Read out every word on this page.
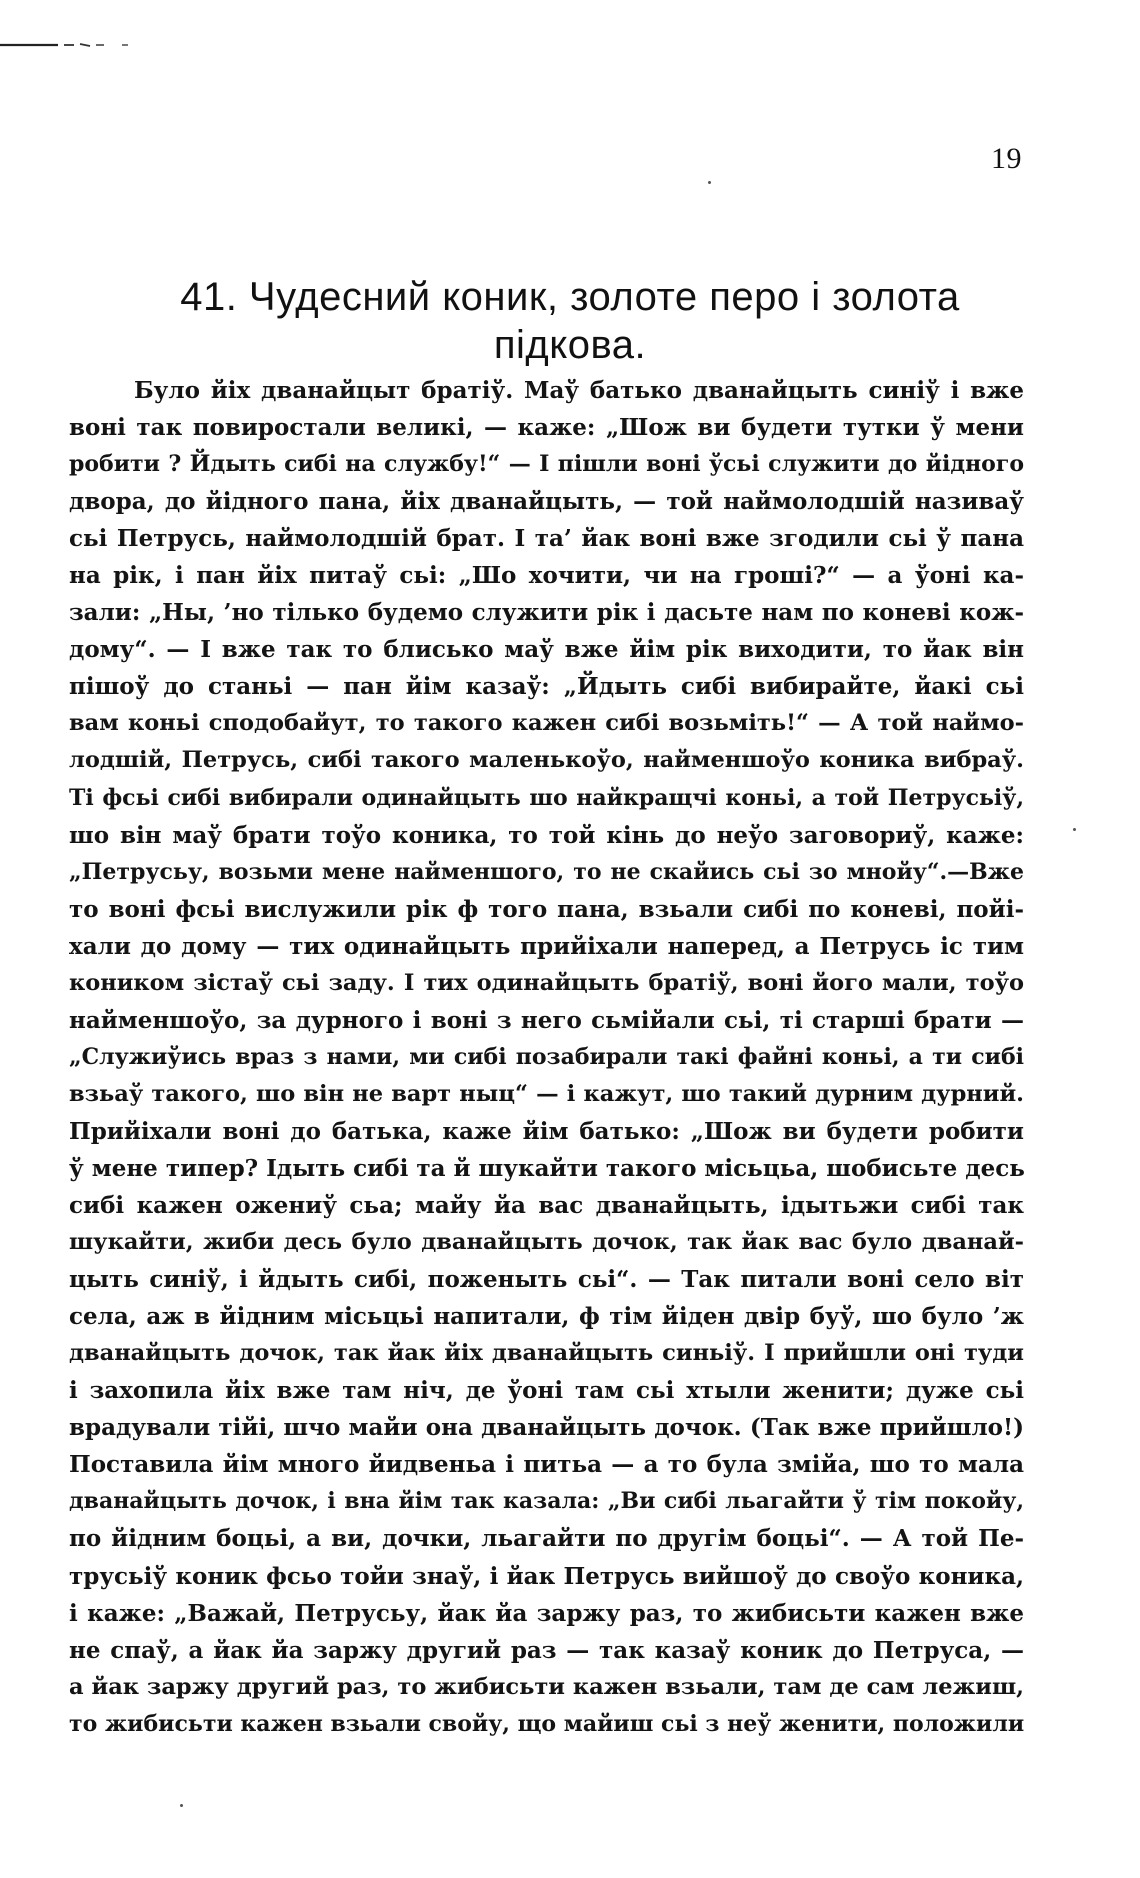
19
41. Чудесний коник, золоте перо і золота
підкова.
Було йіх дванайцыт братіў. Маў батько дванайцыть синіў і вже
воні так повиростали великі, — каже: „Шож ви будети тутки ў мени
робити ? Йдыть сибі на службу!“ — І пішли воні ўсьі служити до йідного
двора, до йідного пана, йіх дванайцыть, — той наймолодшій називаў
сьі Петрусь, наймолодшій брат. І та’ йак воні вже згодили сьі ў пана
на рік, і пан йіх питаў сьі: „Шо хочити, чи на гроші?“ — а ўоні ка-
зали: „Ны, ’но тілько будемо служити рік і дасьте нам по коневі кож-
дому“. — І вже так то блисько маў вже йім рік виходити, то йак він
пішоў до станьі — пан йім казаў: „Йдыть сибі вибирайте, йакі сьі
вам коньі сподобайут, то такого кажен сибі возьміть!“ — А той наймо-
лодшій, Петрусь, сибі такого маленькоўо, найменшоўо коника вибраў.
Ті фсьі сибі вибирали одинайцыть шо найкращчі коньі, а той Петрусьіў,
шо він маў брати тоўо коника, то той кінь до неўо заговориў, каже:
„Петрусьу, возьми мене найменшого, то не скайись сьі зо мнойу“.—Вже
то воні фсьі вислужили рік ф того пана, взьали сибі по коневі, пойі-
хали до дому — тих одинайцыть прийіхали наперед, а Петрусь іс тим
коником зістаў сьі заду. І тих одинайцыть братіў, воні його мали, тоўо
найменшоўо, за дурного і воні з него сьмійали сьі, ті старші брати —
„Служиўись враз з нами, ми сибі позабирали такі файні коньі, а ти сибі
взьаў такого, шо він не варт ныц“ — і кажут, шо такий дурним дурний.
Прийіхали воні до батька, каже йім батько: „Шож ви будети робити
ў мене типер? Ідыть сибі та й шукайти такого місьцьа, шобисьте десь
сибі кажен ожениў сьа; майу йа вас дванайцыть, ідытьжи сибі так
шукайти, жиби десь було дванайцыть дочок, так йак вас було дванай-
цыть синіў, і йдыть сибі, поженыть сьі“. — Так питали воні село віт
села, аж в йідним місьцьі напитали, ф тім йіден двір буў, шо було ’ж
дванайцыть дочок, так йак йіх дванайцыть синьіў. І прийшли оні туди
і захопила йіх вже там ніч, де ўоні там сьі хтыли женити; дуже сьі
врадували тійі, шчо майи она дванайцыть дочок. (Так вже прийшло!)
Поставила йім много йидвеньа і питьа — а то була змійа, шо то мала
дванайцыть дочок, і вна йім так казала: „Ви сибі льагайти ў тім покойу,
по йідним боцьі, а ви, дочки, льагайти по другім боцьі“. — А той Пе-
трусьіў коник фсьо тойи знаў, і йак Петрусь вийшоў до своўо коника,
і каже: „Важай, Петрусьу, йак йа заржу раз, то жибисьти кажен вже
не спаў, а йак йа заржу другий раз — так казаў коник до Петруса, —
а йак заржу другий раз, то жибисьти кажен взьали, там де сам лежиш,
то жибисьти кажен взьали свойу, що майиш сьі з неў женити, положили
